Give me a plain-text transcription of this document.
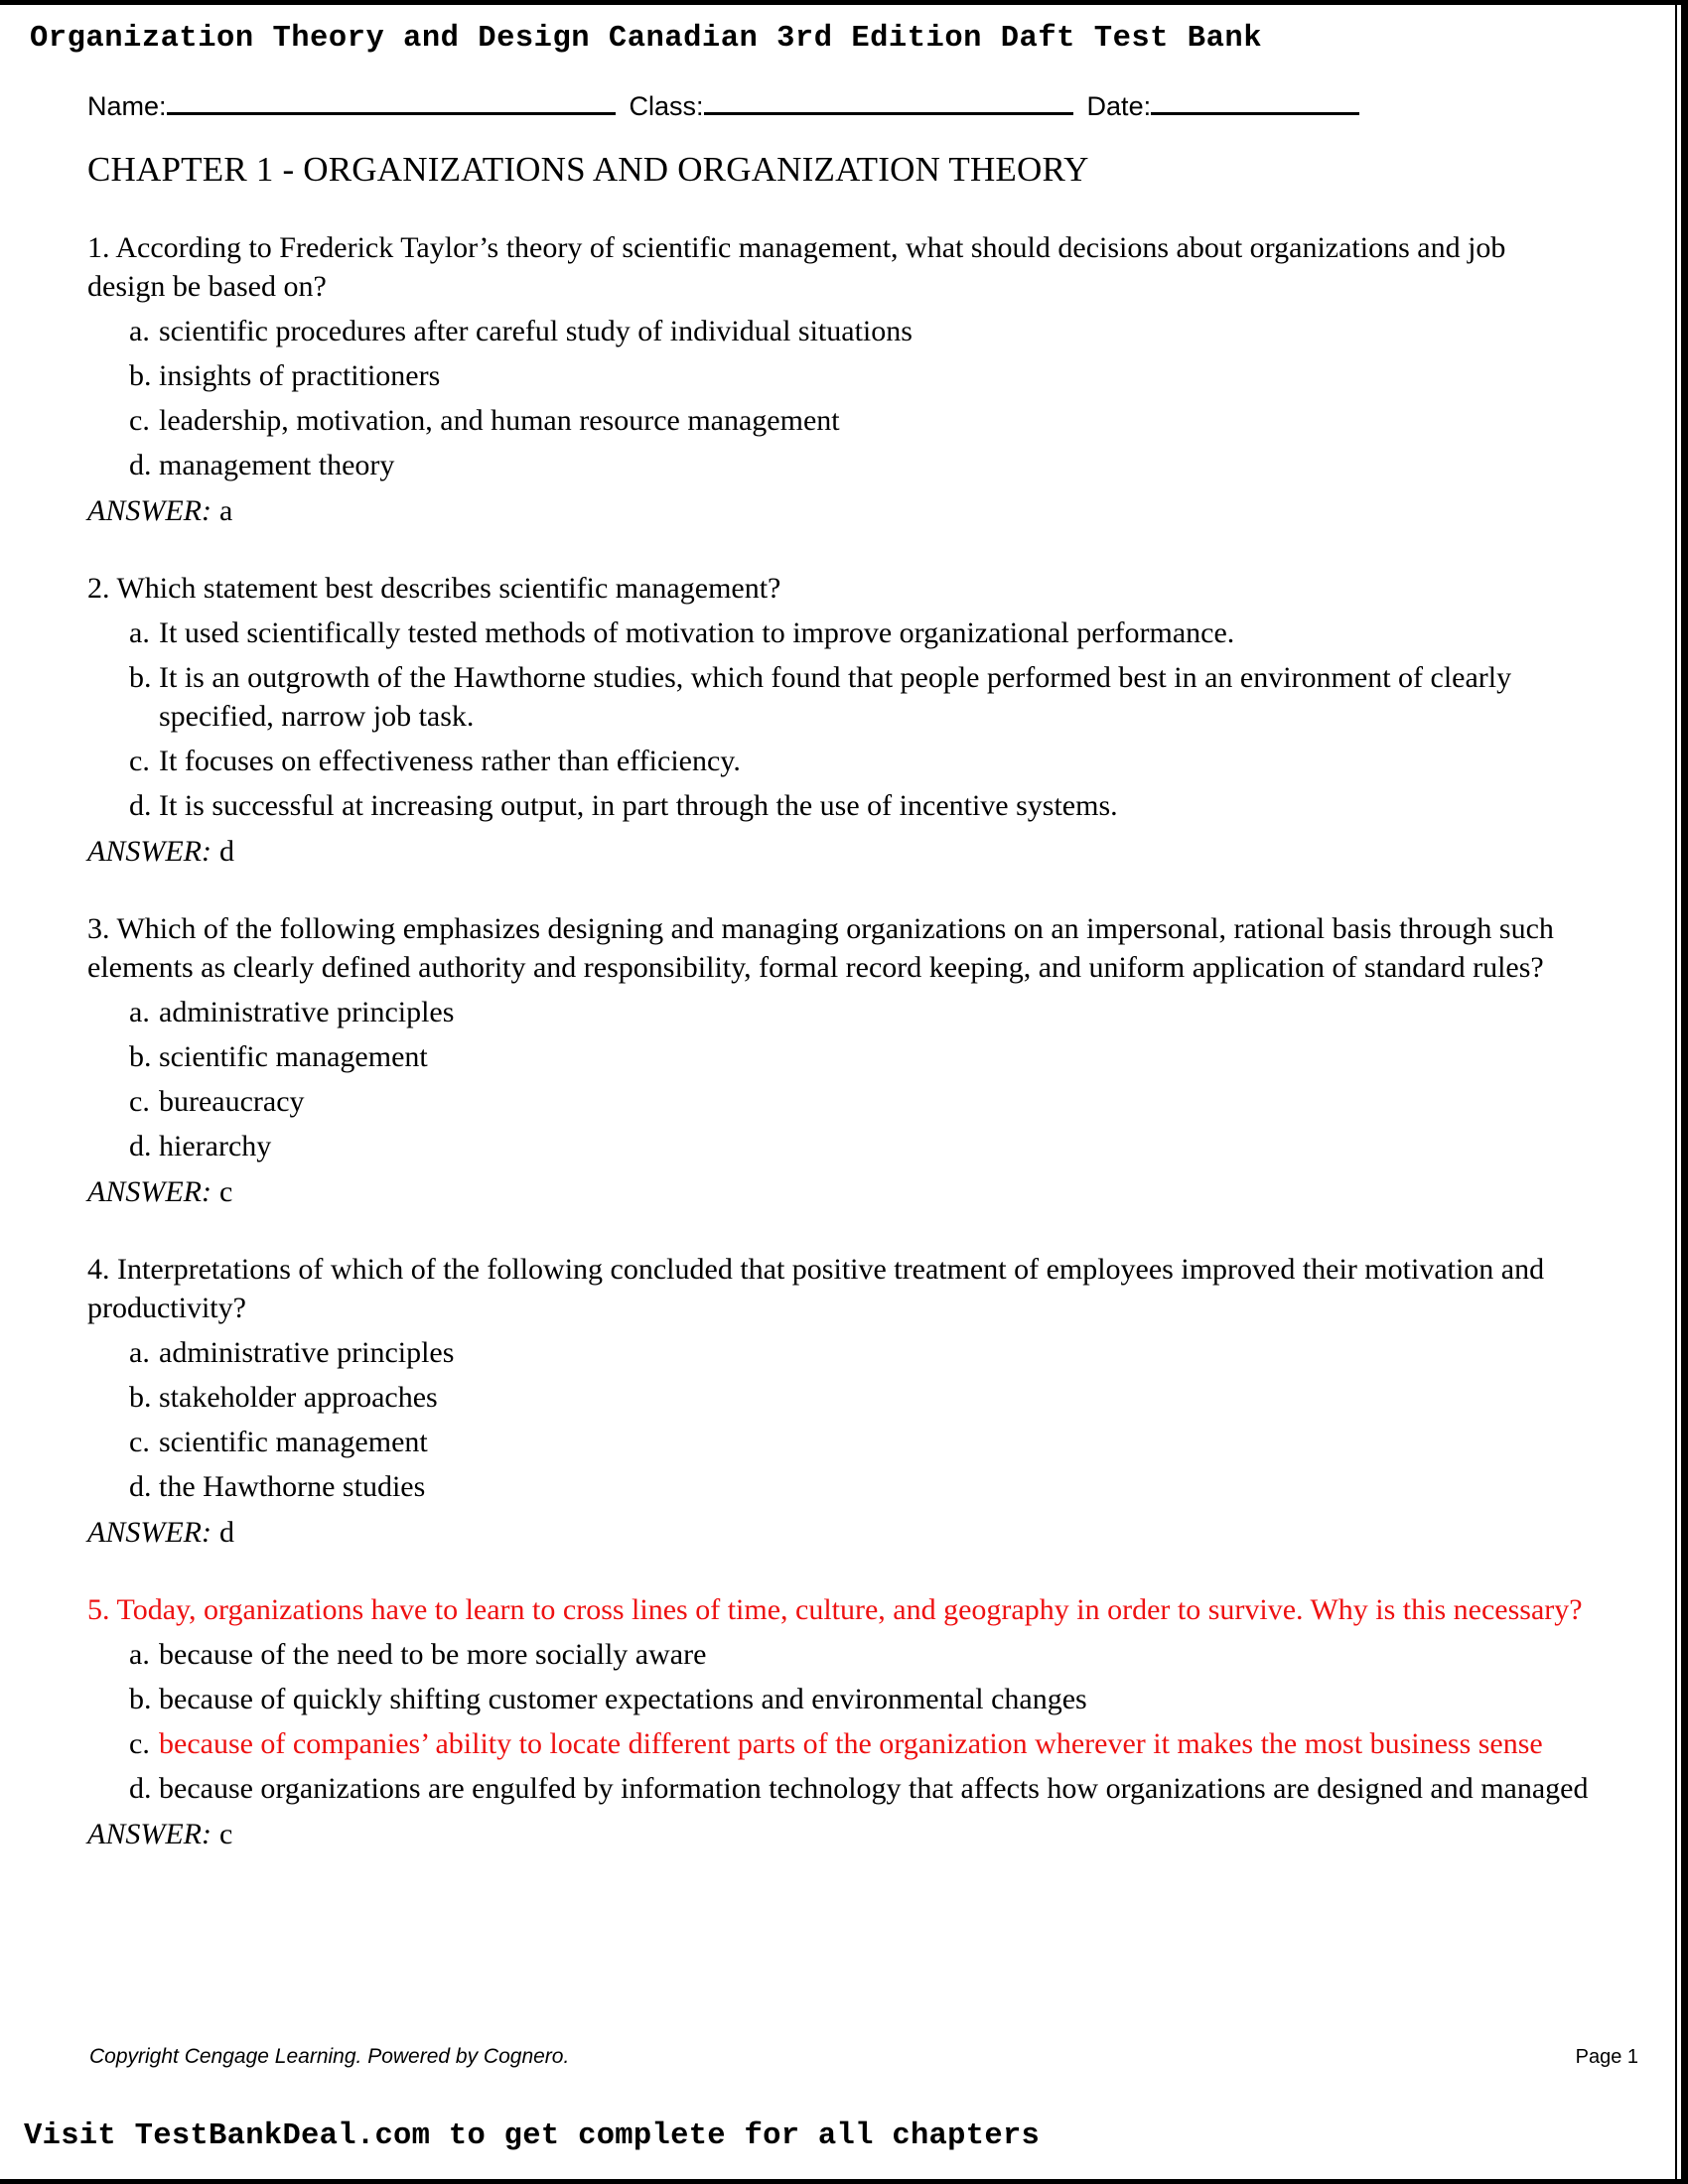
Organization Theory and Design Canadian 3rd Edition Daft Test Bank
Name:	Class:	Date:
CHAPTER 1 - ORGANIZATIONS AND ORGANIZATION THEORY
1. According to Frederick Taylor’s theory of scientific management, what should decisions about organizations and job design be based on?
a. scientific procedures after careful study of individual situations
b. insights of practitioners
c. leadership, motivation, and human resource management
d. management theory
ANSWER: a
2. Which statement best describes scientific management?
a. It used scientifically tested methods of motivation to improve organizational performance.
b. It is an outgrowth of the Hawthorne studies, which found that people performed best in an environment of clearly specified, narrow job task.
c. It focuses on effectiveness rather than efficiency.
d. It is successful at increasing output, in part through the use of incentive systems.
ANSWER: d
3. Which of the following emphasizes designing and managing organizations on an impersonal, rational basis through such elements as clearly defined authority and responsibility, formal record keeping, and uniform application of standard rules?
a. administrative principles
b. scientific management
c. bureaucracy
d. hierarchy
ANSWER: c
4. Interpretations of which of the following concluded that positive treatment of employees improved their motivation and productivity?
a. administrative principles
b. stakeholder approaches
c. scientific management
d. the Hawthorne studies
ANSWER: d
5. Today, organizations have to learn to cross lines of time, culture, and geography in order to survive. Why is this necessary?
a. because of the need to be more socially aware
b. because of quickly shifting customer expectations and environmental changes
c. because of companies’ ability to locate different parts of the organization wherever it makes the most business sense
d. because organizations are engulfed by information technology that affects how organizations are designed and managed
ANSWER: c
Copyright Cengage Learning. Powered by Cognero.	Page 1
Visit TestBankDeal.com to get complete for all chapters
